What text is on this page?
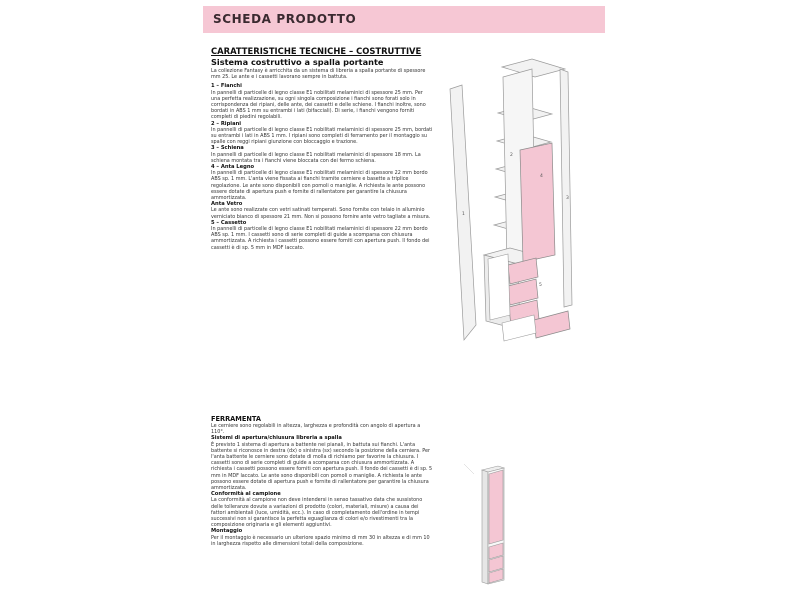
SCHEDA PRODOTTO
CARATTERISTICHE TECNICHE – COSTRUTTIVE
Sistema costruttivo a spalla portante

La collezione Fantasy è arricchita da un sistema di libreria a spalla portante di spessore mm 25. Le ante e i cassetti lavorano sempre in battuta.

1 – Fianchi

In pannelli di particelle di legno classe E1 nobilitati melaminici di spessore 25 mm. Per una perfetta realizzazione, su ogni singola composizione i fianchi sono forati solo in corrispondenza dei ripiani, delle ante, dei cassetti e delle schiene. I fianchi inoltre, sono bordati in ABS 1 mm su entrambi i lati (bifacciali). Di serie, i fianchi vengono forniti completi di piedini regolabili.

2 – Ripiani

In pannelli di particelle di legno classe E1 nobilitati melaminici di spessore 25 mm, bordati su entrambi i lati in ABS 1 mm. I ripiani sono completi di ferramento per il montaggio su spalle con reggi ripiani giunzione con bloccaggio e trazione.

3 – Schiena

In pannelli di particelle di legno classe E1 nobilitati melaminici di spessore 18 mm. La schiena montata tra i fianchi viene bloccata con dei fermo schiena.

4 – Anta Legno

In pannelli di particelle di legno classe E1 nobilitati melaminici di spessore 22 mm bordo ABS sp. 1 mm. L'anta viene fissata ai fianchi tramite cerniere e basette a triplice regolazione. Le ante sono disponibili con pomoli o maniglie. A richiesta le ante possono essere dotate di apertura push e fornite di rallentatore per garantire la chiusura ammortizzata.

Anta Vetro

Le ante sono realizzate con vetri satinati temperati. Sono fornite con telaio in alluminio verniciato bianco di spessore 21 mm. Non si possono fornire ante vetro tagliate a misura.

5 – Cassetto

In pannelli di particelle di legno classe E1 nobilitati melaminici di spessore 22 mm bordo ABS sp. 1 mm. I cassetti sono di serie completi di guide a scomparsa con chiusura ammortizzata. A richiesta i cassetti possono essere forniti con apertura push. Il fondo dei cassetti è di sp. 5 mm in MDF laccato.

FERRAMENTA

Le cerniere sono regolabili in altezza, larghezza e profondità con angolo di apertura a 110°.

Sistemi di apertura/chiusura libreria a spalla

È previsto 1 sistema di apertura a battente nei pianali, in battuta sui fianchi. L'anta battente si riconosce in destra (dx) o sinistra (sx) secondo la posizione della cerniera. Per l'anta battente le cerniere sono dotate di molla di richiamo per favorire la chiusura. I cassetti sono di serie completi di guide a scomparsa con chiusura ammortizzata. A richiesta i cassetti possono essere forniti con apertura push. Il fondo dei cassetti è di sp. 5 mm in MDF laccato. Le ante sono disponibili con pomoli o maniglie. A richiesta le ante possono essere dotate di apertura push e fornite di rallentatore per garantire la chiusura ammortizzata.

Conformità al campione

La conformità al campione non deve intendersi in senso tassativo data che sussistono delle tolleranze dovute a variazioni di prodotto (colori, materiali, misure) a causa dei fattori ambientali (luce, umidità, ecc.). In caso di completamento dell'ordine in tempi successivi non si garantisce la perfetta eguaglianza di colori e/o rivestimenti tra la composizione originaria e gli elementi aggiuntivi.

Montaggio

Per il montaggio è necessario un ulteriore spazio minimo di mm 30 in altezza e di mm 10 in larghezza rispetto alle dimensioni totali della composizione.

1
2
3
4
5
